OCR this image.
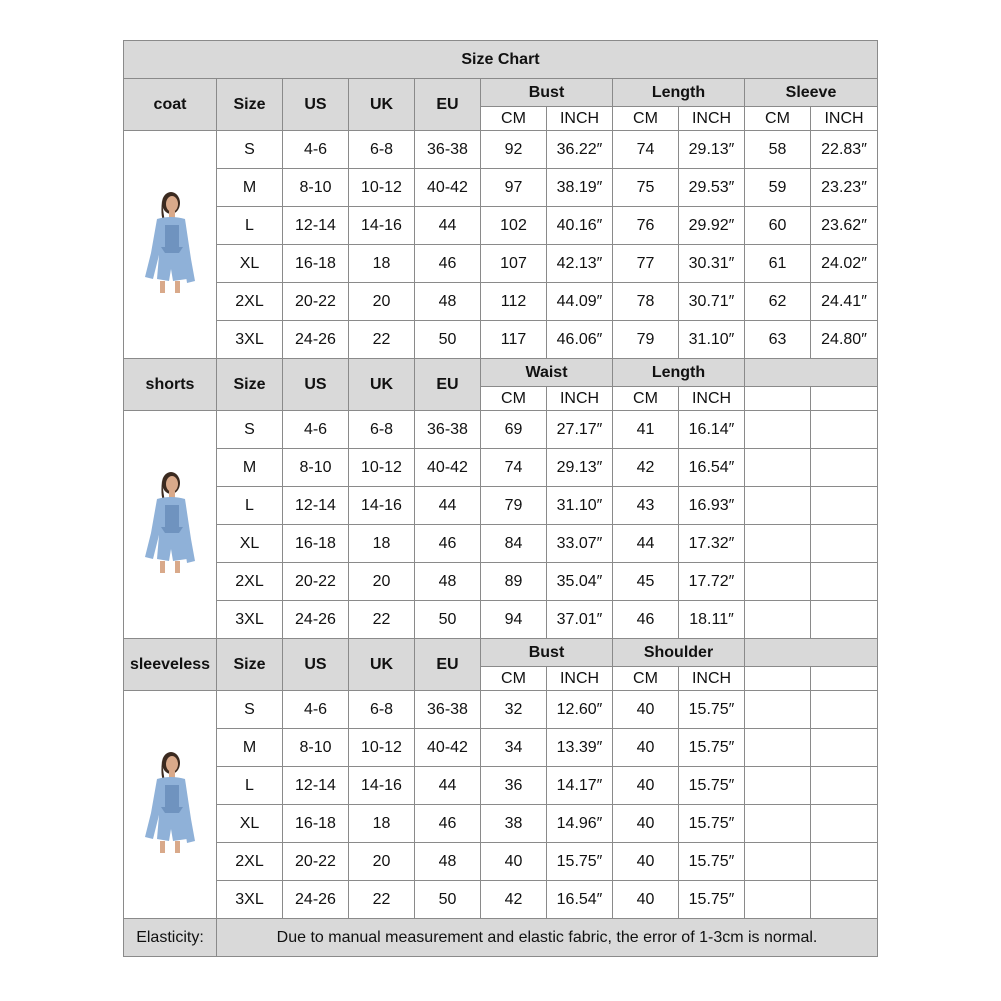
Size Chart										
coat	Size	US	UK	EU	Bust		Length		Sleeve	
					CM	INCH	CM	INCH	CM	INCH

	S	4-6	6-8	36-38	92	36.22″	74	29.13″	58	22.83″
	M	8-10	10-12	40-42	97	38.19″	75	29.53″	59	23.23″
	L	12-14	14-16	44	102	40.16″	76	29.92″	60	23.62″
	XL	16-18	18	46	107	42.13″	77	30.31″	61	24.02″
	2XL	20-22	20	48	112	44.09″	78	30.71″	62	24.41″
	3XL	24-26	22	50	117	46.06″	79	31.10″	63	24.80″
shorts	Size	US	UK	EU	Waist		Length			
					CM	INCH	CM	INCH		

	S	4-6	6-8	36-38	69	27.17″	41	16.14″		
	M	8-10	10-12	40-42	74	29.13″	42	16.54″		
	L	12-14	14-16	44	79	31.10″	43	16.93″		
	XL	16-18	18	46	84	33.07″	44	17.32″		
	2XL	20-22	20	48	89	35.04″	45	17.72″		
	3XL	24-26	22	50	94	37.01″	46	18.11″		
sleeveless	Size	US	UK	EU	Bust		Shoulder			
					CM	INCH	CM	INCH		

	S	4-6	6-8	36-38	32	12.60″	40	15.75″		
	M	8-10	10-12	40-42	34	13.39″	40	15.75″		
	L	12-14	14-16	44	36	14.17″	40	15.75″		
	XL	16-18	18	46	38	14.96″	40	15.75″		
	2XL	20-22	20	48	40	15.75″	40	15.75″		
	3XL	24-26	22	50	42	16.54″	40	15.75″		
Elasticity:	Due to manual measurement and elastic fabric, the error of 1-3cm is normal.									
